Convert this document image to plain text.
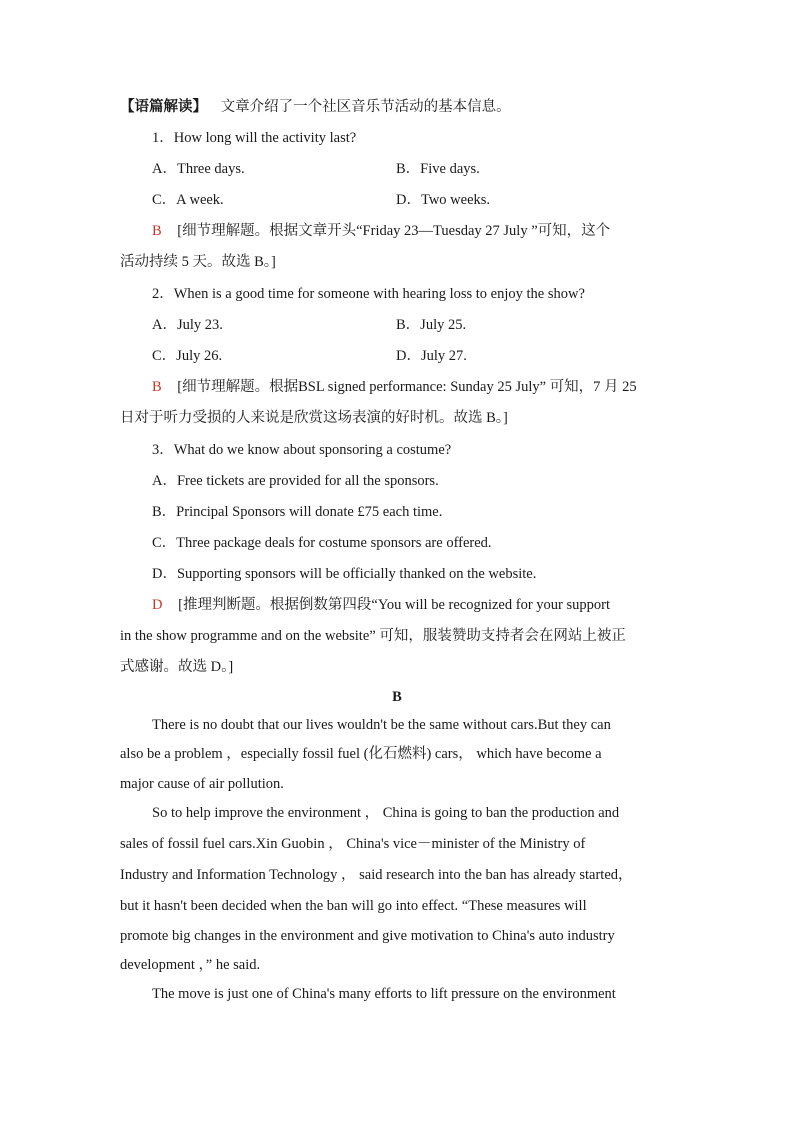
【语篇解读】 文章介绍了一个社区音乐节活动的基本信息。
1．How long will the activity last?
A．Three days.	B．Five days.
C．A week.	D．Two weeks.
B [细节理解题。根据文章开头“Friday 23—Tuesday 27 July ”可知，这个
活动持续 5 天。故选 B。]
2．When is a good time for someone with hearing loss to enjoy the show?
A．July 23.	B．July 25.
C．July 26.	D．July 27.
B [细节理解题。根据BSL signed performance: Sunday 25 July” 可知，7 月 25
日对于听力受损的人来说是欣赏这场表演的好时机。故选 B。]
3．What do we know about sponsoring a costume?
A．Free tickets are provided for all the sponsors.
B．Principal Sponsors will donate £75 each time.
C．Three package deals for costume sponsors are offered.
D．Supporting sponsors will be officially thanked on the website.
D [推理判断题。根据倒数第四段“You will be recognized for your support
in the show programme and on the website” 可知，服装赞助支持者会在网站上被正
式感谢。故选 D。]
B
There is no doubt that our lives wouldn't be the same without cars.But they can
also be a problem ，especially fossil fuel (化石燃料) cars， which have become a
major cause of air pollution.
So to help improve the environment ， China is going to ban the production and
sales of fossil fuel cars.Xin Guobin ， China's vice－minister of the Ministry of
Industry and Information Technology ， said research into the ban has already started，
but it hasn't been decided when the ban will go into effect. “These measures will
promote big changes in the environment and give motivation to China's auto industry
development ，” he said.
The move is just one of China's many efforts to lift pressure on the environment
